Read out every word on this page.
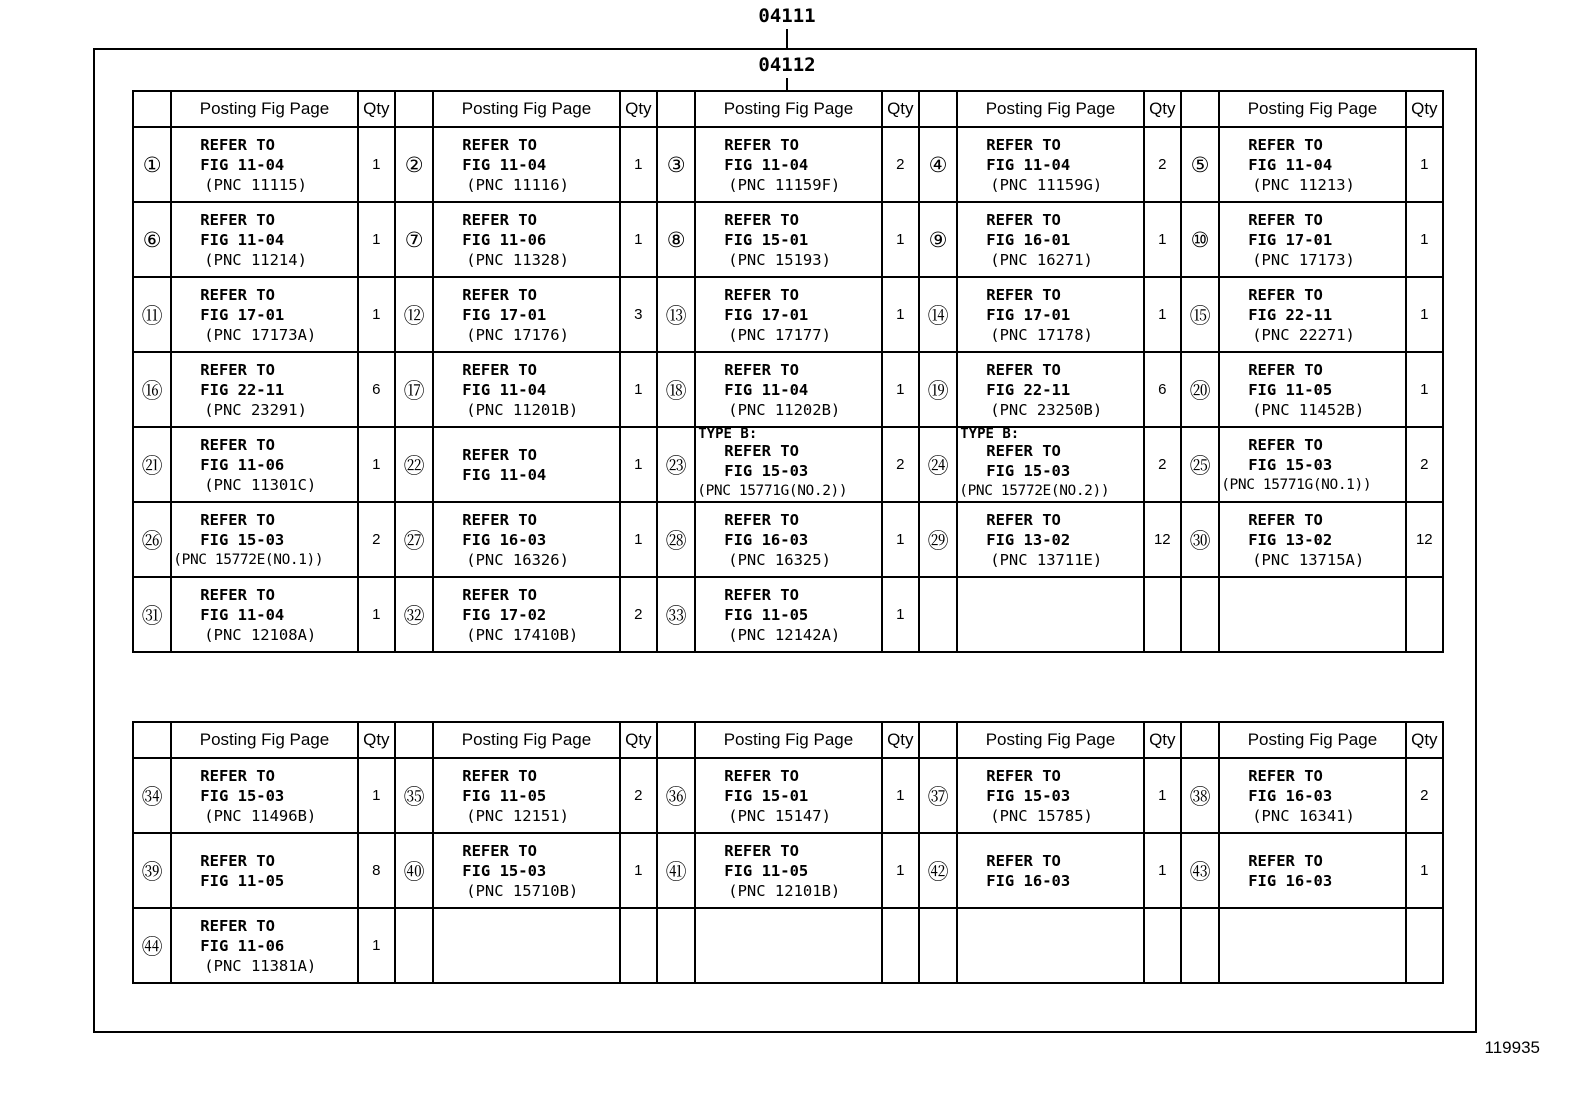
04111
04112
	Posting Fig Page	Qty		Posting Fig Page	Qty		Posting Fig Page	Qty		Posting Fig Page	Qty		Posting Fig Page	Qty
①	REFER TO
FIG 11-04
(PNC 11115)	1	②	REFER TO
FIG 11-04
(PNC 11116)	1	③	REFER TO
FIG 11-04
(PNC 11159F)	2	④	REFER TO
FIG 11-04
(PNC 11159G)	2	⑤	REFER TO
FIG 11-04
(PNC 11213)	1
⑥	REFER TO
FIG 11-04
(PNC 11214)	1	⑦	REFER TO
FIG 11-06
(PNC 11328)	1	⑧	REFER TO
FIG 15-01
(PNC 15193)	1	⑨	REFER TO
FIG 16-01
(PNC 16271)	1	⑩	REFER TO
FIG 17-01
(PNC 17173)	1
⑪	REFER TO
FIG 17-01
(PNC 17173A)	1	⑫	REFER TO
FIG 17-01
(PNC 17176)	3	⑬	REFER TO
FIG 17-01
(PNC 17177)	1	⑭	REFER TO
FIG 17-01
(PNC 17178)	1	⑮	REFER TO
FIG 22-11
(PNC 22271)	1
⑯	REFER TO
FIG 22-11
(PNC 23291)	6	⑰	REFER TO
FIG 11-04
(PNC 11201B)	1	⑱	REFER TO
FIG 11-04
(PNC 11202B)	1	⑲	REFER TO
FIG 22-11
(PNC 23250B)	6	⑳	REFER TO
FIG 11-05
(PNC 11452B)	1
㉑	REFER TO
FIG 11-06
(PNC 11301C)	1	㉒	REFER TO
FIG 11-04	1	㉓	TYPE B:
REFER TO
FIG 15-03
(PNC 15771G(NO.2))	2	㉔	TYPE B:
REFER TO
FIG 15-03
(PNC 15772E(NO.2))	2	㉕	REFER TO
FIG 15-03
(PNC 15771G(NO.1))	2
㉖	REFER TO
FIG 15-03
(PNC 15772E(NO.1))	2	㉗	REFER TO
FIG 16-03
(PNC 16326)	1	㉘	REFER TO
FIG 16-03
(PNC 16325)	1	㉙	REFER TO
FIG 13-02
(PNC 13711E)	12	㉚	REFER TO
FIG 13-02
(PNC 13715A)	12
㉛	REFER TO
FIG 11-04
(PNC 12108A)	1	㉜	REFER TO
FIG 17-02
(PNC 17410B)	2	㉝	REFER TO
FIG 11-05
(PNC 12142A)	1						
	Posting Fig Page	Qty		Posting Fig Page	Qty		Posting Fig Page	Qty		Posting Fig Page	Qty		Posting Fig Page	Qty
㉞	REFER TO
FIG 15-03
(PNC 11496B)	1	㉟	REFER TO
FIG 11-05
(PNC 12151)	2	㊱	REFER TO
FIG 15-01
(PNC 15147)	1	㊲	REFER TO
FIG 15-03
(PNC 15785)	1	㊳	REFER TO
FIG 16-03
(PNC 16341)	2
㊴	REFER TO
FIG 11-05	8	㊵	REFER TO
FIG 15-03
(PNC 15710B)	1	㊶	REFER TO
FIG 11-05
(PNC 12101B)	1	㊷	REFER TO
FIG 16-03	1	㊸	REFER TO
FIG 16-03	1
㊹	REFER TO
FIG 11-06
(PNC 11381A)	1												
119935
